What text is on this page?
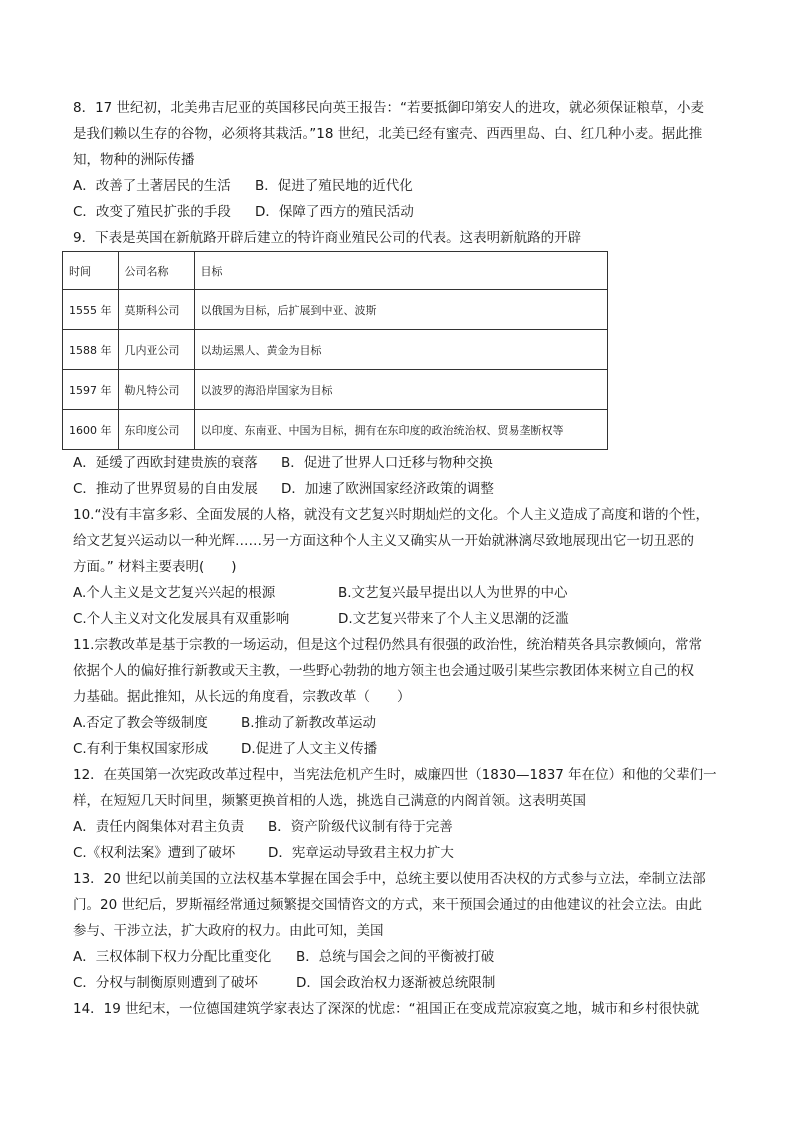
8．17 世纪初，北美弗吉尼亚的英国移民向英王报告：“若要抵御印第安人的进攻，就必须保证粮草，小麦
是我们赖以生存的谷物，必须将其栽活。”18 世纪，北美已经有蜜壳、西西里岛、白、红几种小麦。据此推
知，物种的洲际传播
A．改善了土著居民的生活	B．促进了殖民地的近代化
C．改变了殖民扩张的手段	D．保障了西方的殖民活动
9．下表是英国在新航路开辟后建立的特许商业殖民公司的代表。这表明新航路的开辟
时间	公司名称	目标
1555 年	莫斯科公司	以俄国为目标，后扩展到中亚、波斯
1588 年	几内亚公司	以劫运黑人、黄金为目标
1597 年	勒凡特公司	以波罗的海沿岸国家为目标
1600 年	东印度公司	以印度、东南亚、中国为目标，拥有在东印度的政治统治权、贸易垄断权等
A．延缓了西欧封建贵族的衰落	B．促进了世界人口迁移与物种交换
C．推动了世界贸易的自由发展	D．加速了欧洲国家经济政策的调整
10.“没有丰富多彩、全面发展的人格，就没有文艺复兴时期灿烂的文化。个人主义造成了高度和谐的个性，
给文艺复兴运动以一种光辉……另一方面这种个人主义又确实从一开始就淋漓尽致地展现出它一切丑恶的
方面。” 材料主要表明(　　)
A.个人主义是文艺复兴兴起的根源	B.文艺复兴最早提出以人为世界的中心
C.个人主义对文化发展具有双重影响	D.文艺复兴带来了个人主义思潮的泛滥
11.宗教改革是基于宗教的一场运动，但是这个过程仍然具有很强的政治性，统治精英各具宗教倾向，常常
依据个人的偏好推行新教或天主教，一些野心勃勃的地方领主也会通过吸引某些宗教团体来树立自己的权
力基础。据此推知，从长远的角度看，宗教改革（　　）
A.否定了教会等级制度	B.推动了新教改革运动
C.有利于集权国家形成	D.促进了人文主义传播
12．在英国第一次宪政改革过程中，当宪法危机产生时，威廉四世（1830—1837 年在位）和他的父辈们一
样，在短短几天时间里，频繁更换首相的人选，挑选自己满意的内阁首领。这表明英国
A．责任内阁集体对君主负责	B．资产阶级代议制有待于完善
C.《权利法案》遭到了破坏	D．宪章运动导致君主权力扩大
13．20 世纪以前美国的立法权基本掌握在国会手中，总统主要以使用否决权的方式参与立法，牵制立法部
门。20 世纪后，罗斯福经常通过频繁提交国情咨文的方式，来干预国会通过的由他建议的社会立法。由此
参与、干涉立法，扩大政府的权力。由此可知，美国
A．三权体制下权力分配比重变化	B．总统与国会之间的平衡被打破
C．分权与制衡原则遭到了破坏	D．国会政治权力逐渐被总统限制
14．19 世纪末，一位德国建筑学家表达了深深的忧虑：“祖国正在变成荒凉寂寞之地，城市和乡村很快就
